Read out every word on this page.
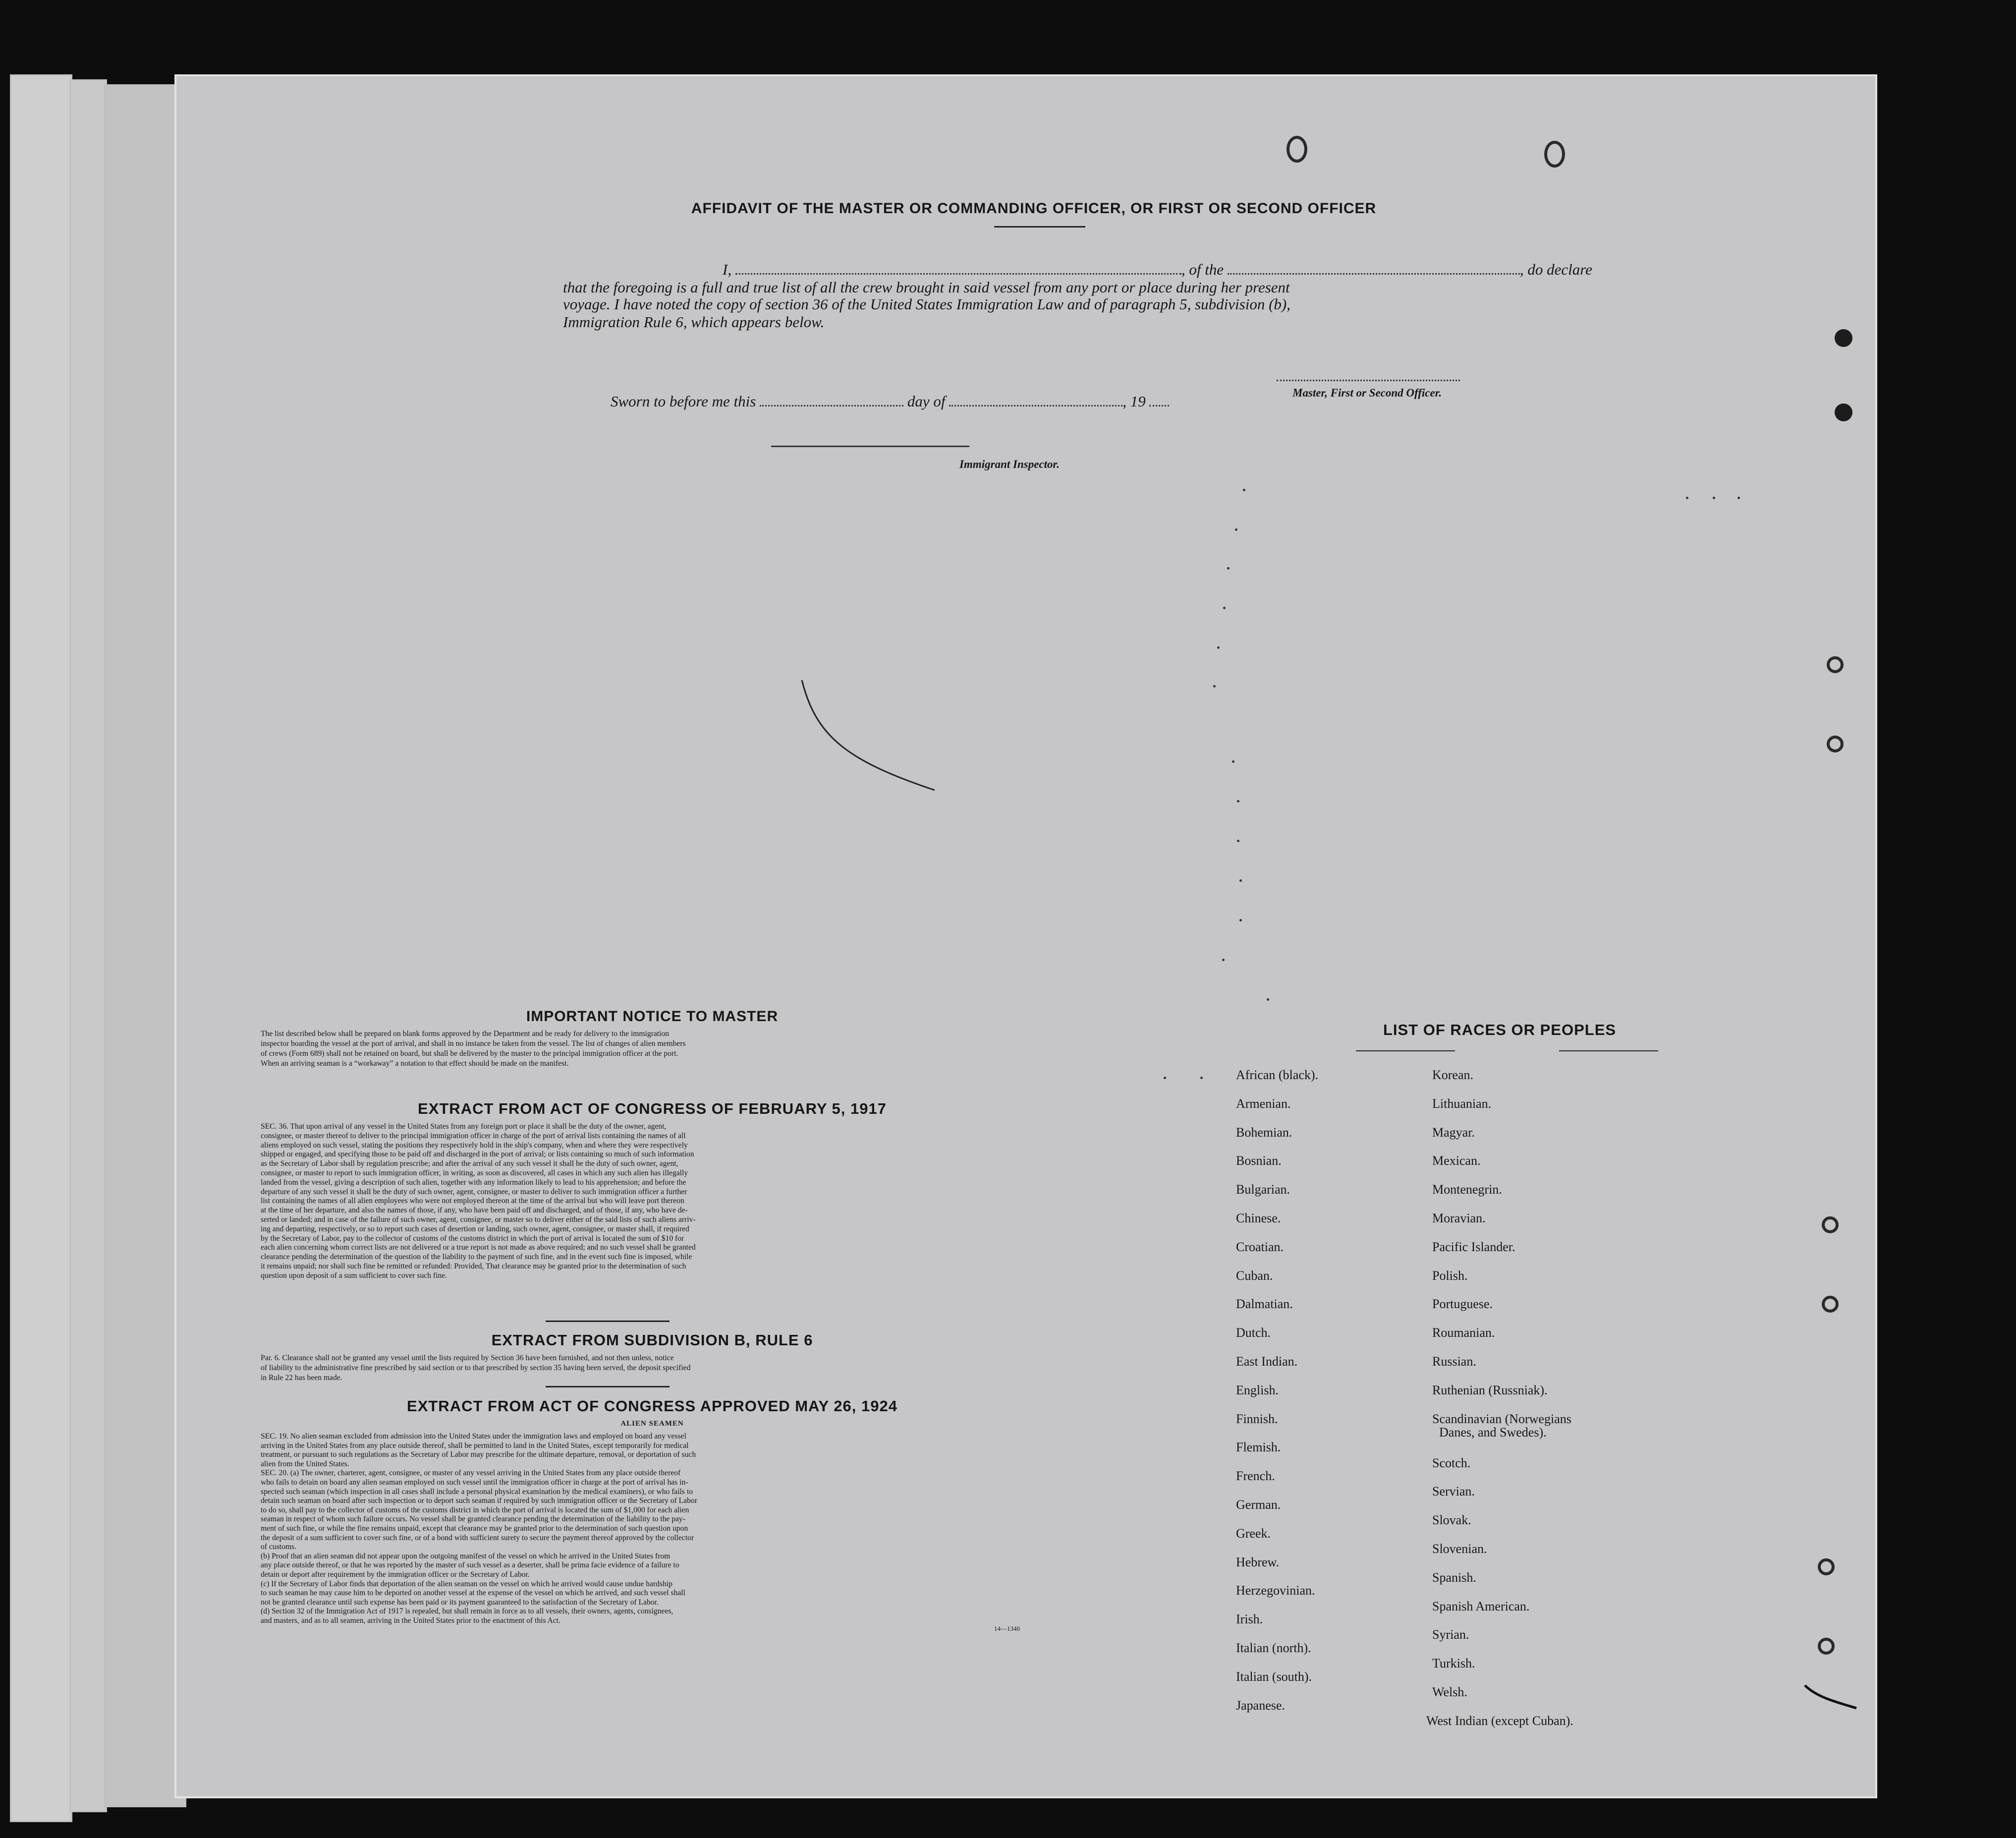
AFFIDAVIT OF THE MASTER OR COMMANDING OFFICER, OR FIRST OR SECOND OFFICER
I,	, of the	, do declare
that the foregoing is a full and true list of all the crew brought in said vessel from any port or place during her present
voyage. I have noted the copy of section 36 of the United States Immigration Law and of paragraph 5, subdivision (b),
Immigration Rule 6, which appears below.
Master, First or Second Officer.
Sworn to before me this	day of	, 19
Immigrant Inspector.
IMPORTANT NOTICE TO MASTER
The list described below shall be prepared on blank forms approved by the Department and be ready for delivery to the immigration
inspector boarding the vessel at the port of arrival, and shall in no instance be taken from the vessel. The list of changes of alien members
of crews (Form 689) shall not be retained on board, but shall be delivered by the master to the principal immigration officer at the port.
When an arriving seaman is a “workaway” a notation to that effect should be made on the manifest.
EXTRACT FROM ACT OF CONGRESS OF FEBRUARY 5, 1917
SEC. 36. That upon arrival of any vessel in the United States from any foreign port or place it shall be the duty of the owner, agent,
consignee, or master thereof to deliver to the principal immigration officer in charge of the port of arrival lists containing the names of all
aliens employed on such vessel, stating the positions they respectively hold in the ship's company, when and where they were respectively
shipped or engaged, and specifying those to be paid off and discharged in the port of arrival; or lists containing so much of such information
as the Secretary of Labor shall by regulation prescribe; and after the arrival of any such vessel it shall be the duty of such owner, agent,
consignee, or master to report to such immigration officer, in writing, as soon as discovered, all cases in which any such alien has illegally
landed from the vessel, giving a description of such alien, together with any information likely to lead to his apprehension; and before the
departure of any such vessel it shall be the duty of such owner, agent, consignee, or master to deliver to such immigration officer a further
list containing the names of all alien employees who were not employed thereon at the time of the arrival but who will leave port thereon
at the time of her departure, and also the names of those, if any, who have been paid off and discharged, and of those, if any, who have de-
serted or landed; and in case of the failure of such owner, agent, consignee, or master so to deliver either of the said lists of such aliens arriv-
ing and departing, respectively, or so to report such cases of desertion or landing, such owner, agent, consignee, or master shall, if required
by the Secretary of Labor, pay to the collector of customs of the customs district in which the port of arrival is located the sum of $10 for
each alien concerning whom correct lists are not delivered or a true report is not made as above required; and no such vessel shall be granted
clearance pending the determination of the question of the liability to the payment of such fine, and in the event such fine is imposed, while
it remains unpaid; nor shall such fine be remitted or refunded: Provided, That clearance may be granted prior to the determination of such
question upon deposit of a sum sufficient to cover such fine.
EXTRACT FROM SUBDIVISION B, RULE 6
Par. 6. Clearance shall not be granted any vessel until the lists required by Section 36 have been furnished, and not then unless, notice
of liability to the administrative fine prescribed by said section or to that prescribed by section 35 having been served, the deposit specified
in Rule 22 has been made.
EXTRACT FROM ACT OF CONGRESS APPROVED MAY 26, 1924
ALIEN SEAMEN
SEC. 19. No alien seaman excluded from admission into the United States under the immigration laws and employed on board any vessel
arriving in the United States from any place outside thereof, shall be permitted to land in the United States, except temporarily for medical
treatment, or pursuant to such regulations as the Secretary of Labor may prescribe for the ultimate departure, removal, or deportation of such
alien from the United States.
SEC. 20. (a) The owner, charterer, agent, consignee, or master of any vessel arriving in the United States from any place outside thereof
who fails to detain on board any alien seaman employed on such vessel until the immigration officer in charge at the port of arrival has in-
spected such seaman (which inspection in all cases shall include a personal physical examination by the medical examiners), or who fails to
detain such seaman on board after such inspection or to deport such seaman if required by such immigration officer or the Secretary of Labor
to do so, shall pay to the collector of customs of the customs district in which the port of arrival is located the sum of $1,000 for each alien
seaman in respect of whom such failure occurs. No vessel shall be granted clearance pending the determination of the liability to the pay-
ment of such fine, or while the fine remains unpaid, except that clearance may be granted prior to the determination of such question upon
the deposit of a sum sufficient to cover such fine, or of a bond with sufficient surety to secure the payment thereof approved by the collector
of customs.
(b) Proof that an alien seaman did not appear upon the outgoing manifest of the vessel on which he arrived in the United States from
any place outside thereof, or that he was reported by the master of such vessel as a deserter, shall be prima facie evidence of a failure to
detain or deport after requirement by the immigration officer or the Secretary of Labor.
(c) If the Secretary of Labor finds that deportation of the alien seaman on the vessel on which he arrived would cause undue hardship
to such seaman he may cause him to be deported on another vessel at the expense of the vessel on which he arrived, and such vessel shall
not be granted clearance until such expense has been paid or its payment guaranteed to the satisfaction of the Secretary of Labor.
(d) Section 32 of the Immigration Act of 1917 is repealed, but shall remain in force as to all vessels, their owners, agents, consignees,
and masters, and as to all seamen, arriving in the United States prior to the enactment of this Act.
14—1340
LIST OF RACES OR PEOPLES
African (black).
Armenian.
Bohemian.
Bosnian.
Bulgarian.
Chinese.
Croatian.
Cuban.
Dalmatian.
Dutch.
East Indian.
English.
Finnish.
Flemish.
French.
German.
Greek.
Hebrew.
Herzegovinian.
Irish.
Italian (north).
Italian (south).
Japanese.
Korean.
Lithuanian.
Magyar.
Mexican.
Montenegrin.
Moravian.
Pacific Islander.
Polish.
Portuguese.
Roumanian.
Russian.
Ruthenian (Russniak).
Scandinavian (Norwegians
Danes, and Swedes).
Scotch.
Servian.
Slovak.
Slovenian.
Spanish.
Spanish American.
Syrian.
Turkish.
Welsh.
West Indian (except Cuban).
